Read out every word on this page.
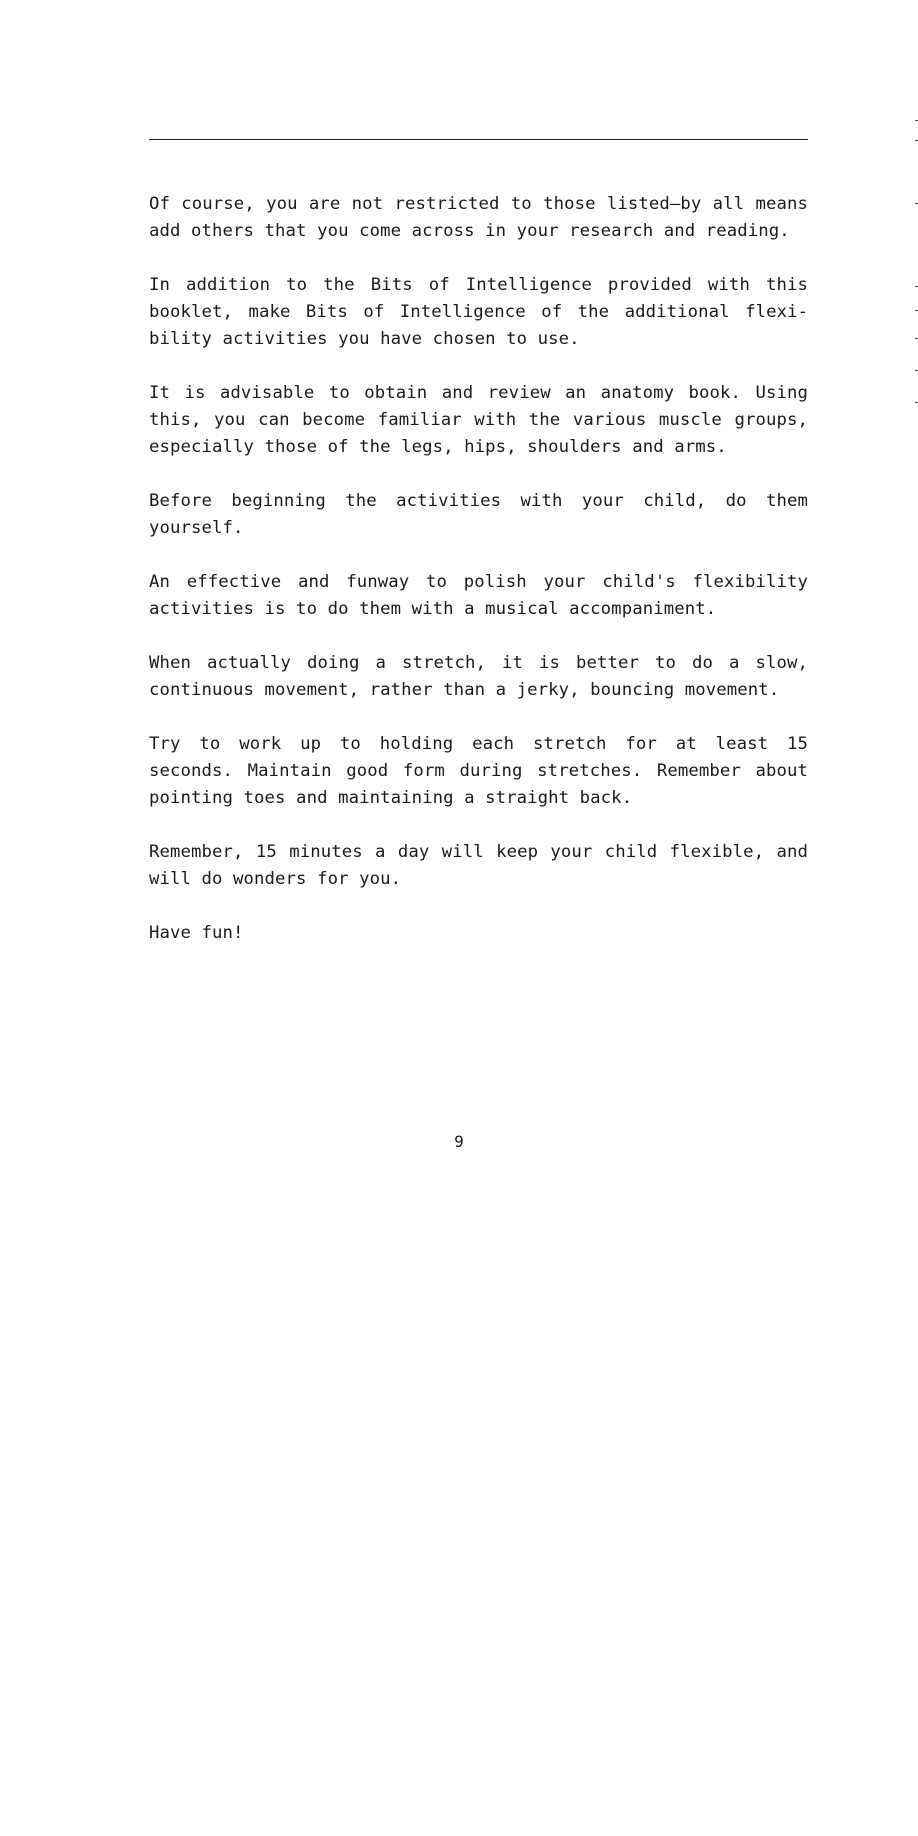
Of course, you are not restricted to those listed—by all means add others that you come across in your research and reading.

In addition to the Bits of Intelligence provided with this booklet, make Bits of Intelligence of the additional flexibility activities you have chosen to use.

It is advisable to obtain and review an anatomy book. Using this, you can become familiar with the various muscle groups, especially those of the legs, hips, shoulders and arms.

Before beginning the activities with your child, do them yourself.

An effective and funway to polish your child's flexibility activities is to do them with a musical accompaniment.

When actually doing a stretch, it is better to do a slow, continuous movement, rather than a jerky, bouncing movement.

Try to work up to holding each stretch for at least 15 seconds. Maintain good form during stretches. Remember about pointing toes and maintaining a straight back.

Remember, 15 minutes a day will keep your child flexible, and will do wonders for you.

Have fun!

9
